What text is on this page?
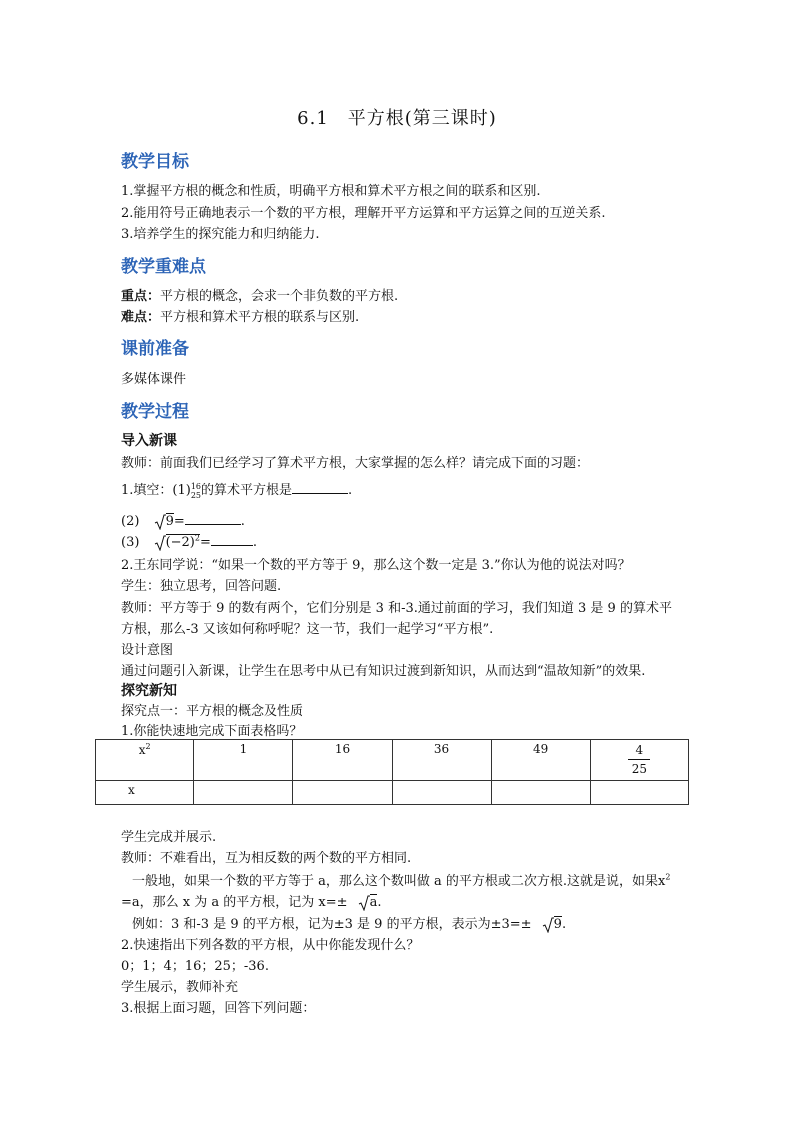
6.1　平方根(第三课时)
教学目标
1.掌握平方根的概念和性质，明确平方根和算术平方根之间的联系和区别.
2.能用符号正确地表示一个数的平方根，理解开平方运算和平方运算之间的互逆关系.
3.培养学生的探究能力和归纳能力.
教学重难点
重点：平方根的概念，会求一个非负数的平方根.
难点：平方根和算术平方根的联系与区别.
课前准备
多媒体课件
教学过程
导入新课
教师：前面我们已经学习了算术平方根，大家掌握的怎么样？请完成下面的习题：
1.填空：(1) 16
25 的算术平方根是	.
(2) 9=	.
(3) $(-2)^2=$	.
2.王东同学说：“如果一个数的平方等于 9，那么这个数一定是 3.”你认为他的说法对吗？
学生：独立思考，回答问题.
教师：平方等于 9 的数有两个，它们分别是 3 和-3.通过前面的学习，我们知道 3 是 9 的算术平
方根，那么-3 又该如何称呼呢？这一节，我们一起学习“平方根”.
设计意图
通过问题引入新课，让学生在思考中从已有知识过渡到新知识，从而达到“温故知新”的效果.
探究新知
探究点一：平方根的概念及性质
1.你能快速地完成下面表格吗？
$x^2$	1	16	36	49	$\frac{4}{25}$
x					
学生完成并展示.
教师：不难看出，互为相反数的两个数的平方相同.
一般地，如果一个数的平方等于 a，那么这个数叫做 a 的平方根或二次方根.这就是说，如果$x^2$
=a，那么 x 为 a 的平方根，记为 x=± a.
例如：3 和-3 是 9 的平方根，记为±3 是 9 的平方根，表示为±3=± 9.
2.快速指出下列各数的平方根，从中你能发现什么？
0；1；4；16；25；-36.
学生展示，教师补充
3.根据上面习题，回答下列问题：
